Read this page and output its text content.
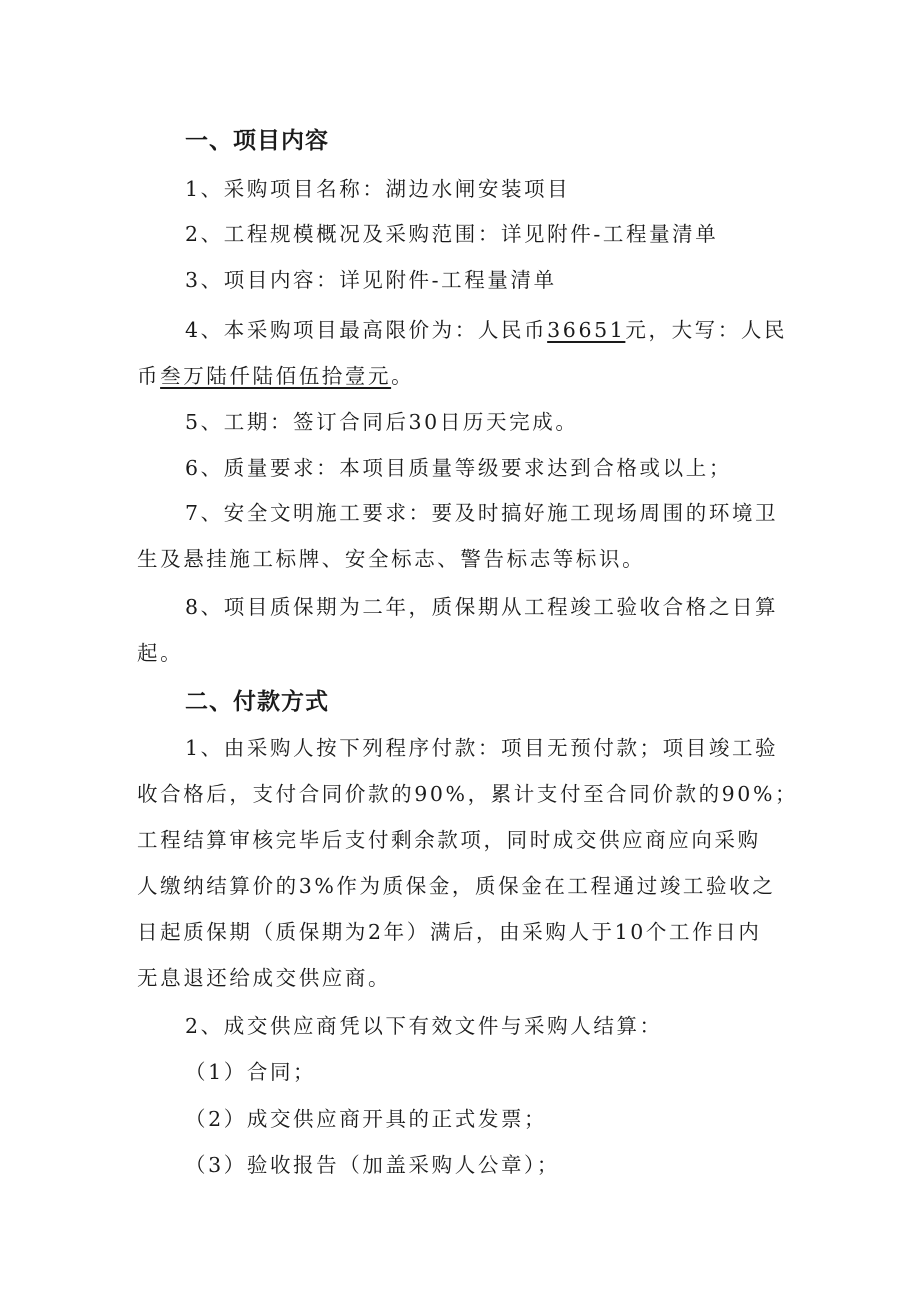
一、项目内容
1、采购项目名称：湖边水闸安装项目
2、工程规模概况及采购范围：详见附件-工程量清单
3、项目内容：详见附件-工程量清单
4、本采购项目最高限价为：人民币36651元，大写：人民
币叁万陆仟陆佰伍拾壹元。
5、工期：签订合同后30日历天完成。
6、质量要求：本项目质量等级要求达到合格或以上；
7、安全文明施工要求：要及时搞好施工现场周围的环境卫
生及悬挂施工标牌、安全标志、警告标志等标识。
8、项目质保期为二年，质保期从工程竣工验收合格之日算
起。
二、付款方式
1、由采购人按下列程序付款：项目无预付款；项目竣工验
收合格后，支付合同价款的90%，累计支付至合同价款的90%；
工程结算审核完毕后支付剩余款项，同时成交供应商应向采购
人缴纳结算价的3%作为质保金，质保金在工程通过竣工验收之
日起质保期（质保期为2年）满后，由采购人于10个工作日内
无息退还给成交供应商。
2、成交供应商凭以下有效文件与采购人结算：
（1）合同；
（2）成交供应商开具的正式发票；
（3）验收报告（加盖采购人公章）；
